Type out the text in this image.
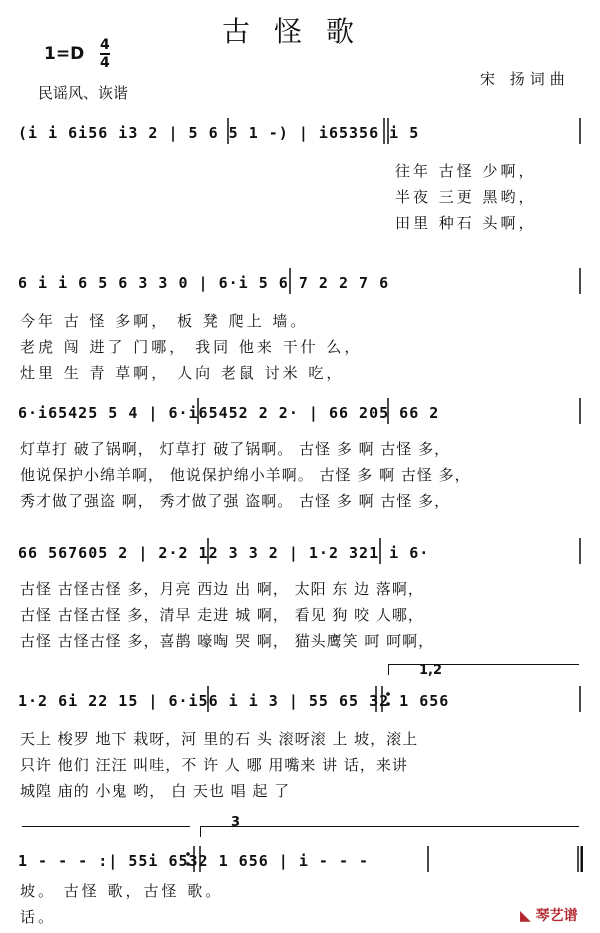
古怪歌
1=D 4
4
民谣风、诙谐
宋 扬词曲
(i i 6i56 i3 2 | 5 6 5 1 -) | i65356 i 5
往年 古怪 少啊，
半夜 三更 黑哟，
田里 种石 头啊，
6 i i 6 5 6 3 3 0 | 6·i 5 6 7 2 2 7 6
今年 古 怪 多啊， 板 凳 爬上 墙。
老虎 闯 进了 门哪， 我同 他来 干什 么，
灶里 生 青 草啊， 人向 老鼠 讨米 吃，
6·i65425 5 4 | 6·i65452 2 2· | 66 205 66 2
灯草打 破了锅啊， 灯草打 破了锅啊。 古怪 多 啊 古怪 多，
他说保护小绵羊啊， 他说保护绵小羊啊。 古怪 多 啊 古怪 多，
秀才做了强盗 啊， 秀才做了强 盗啊。 古怪 多 啊 古怪 多，
66 567605 2 | 2·2 12 3 3 2 | 1·2 321 i 6·
古怪 古怪古怪 多，月亮 西边 出 啊， 太阳 东 边 落啊，
古怪 古怪古怪 多，清早 走进 城 啊， 看见 狗 咬 人哪，
古怪 古怪古怪 多，喜鹊 嚎啕 哭 啊， 猫头鹰笑 呵 呵啊，
1,2
1·2 6i 22 15 | 6·i56 i i 3 | 55 65 32 1 656
天上 梭罗 地下 栽呀，河 里的石 头 滚呀滚 上 坡，滚上
只许 他们 汪汪 叫哇，不 许 人 哪 用嘴来 讲 话，来讲
城隍 庙的 小鬼 哟， 白 天也 唱 起 了
3
1 - - - :| 55i 6532 1 656 | i - - -
坡。 古怪 歌，古怪 歌。
话。	◣ 琴艺谱
